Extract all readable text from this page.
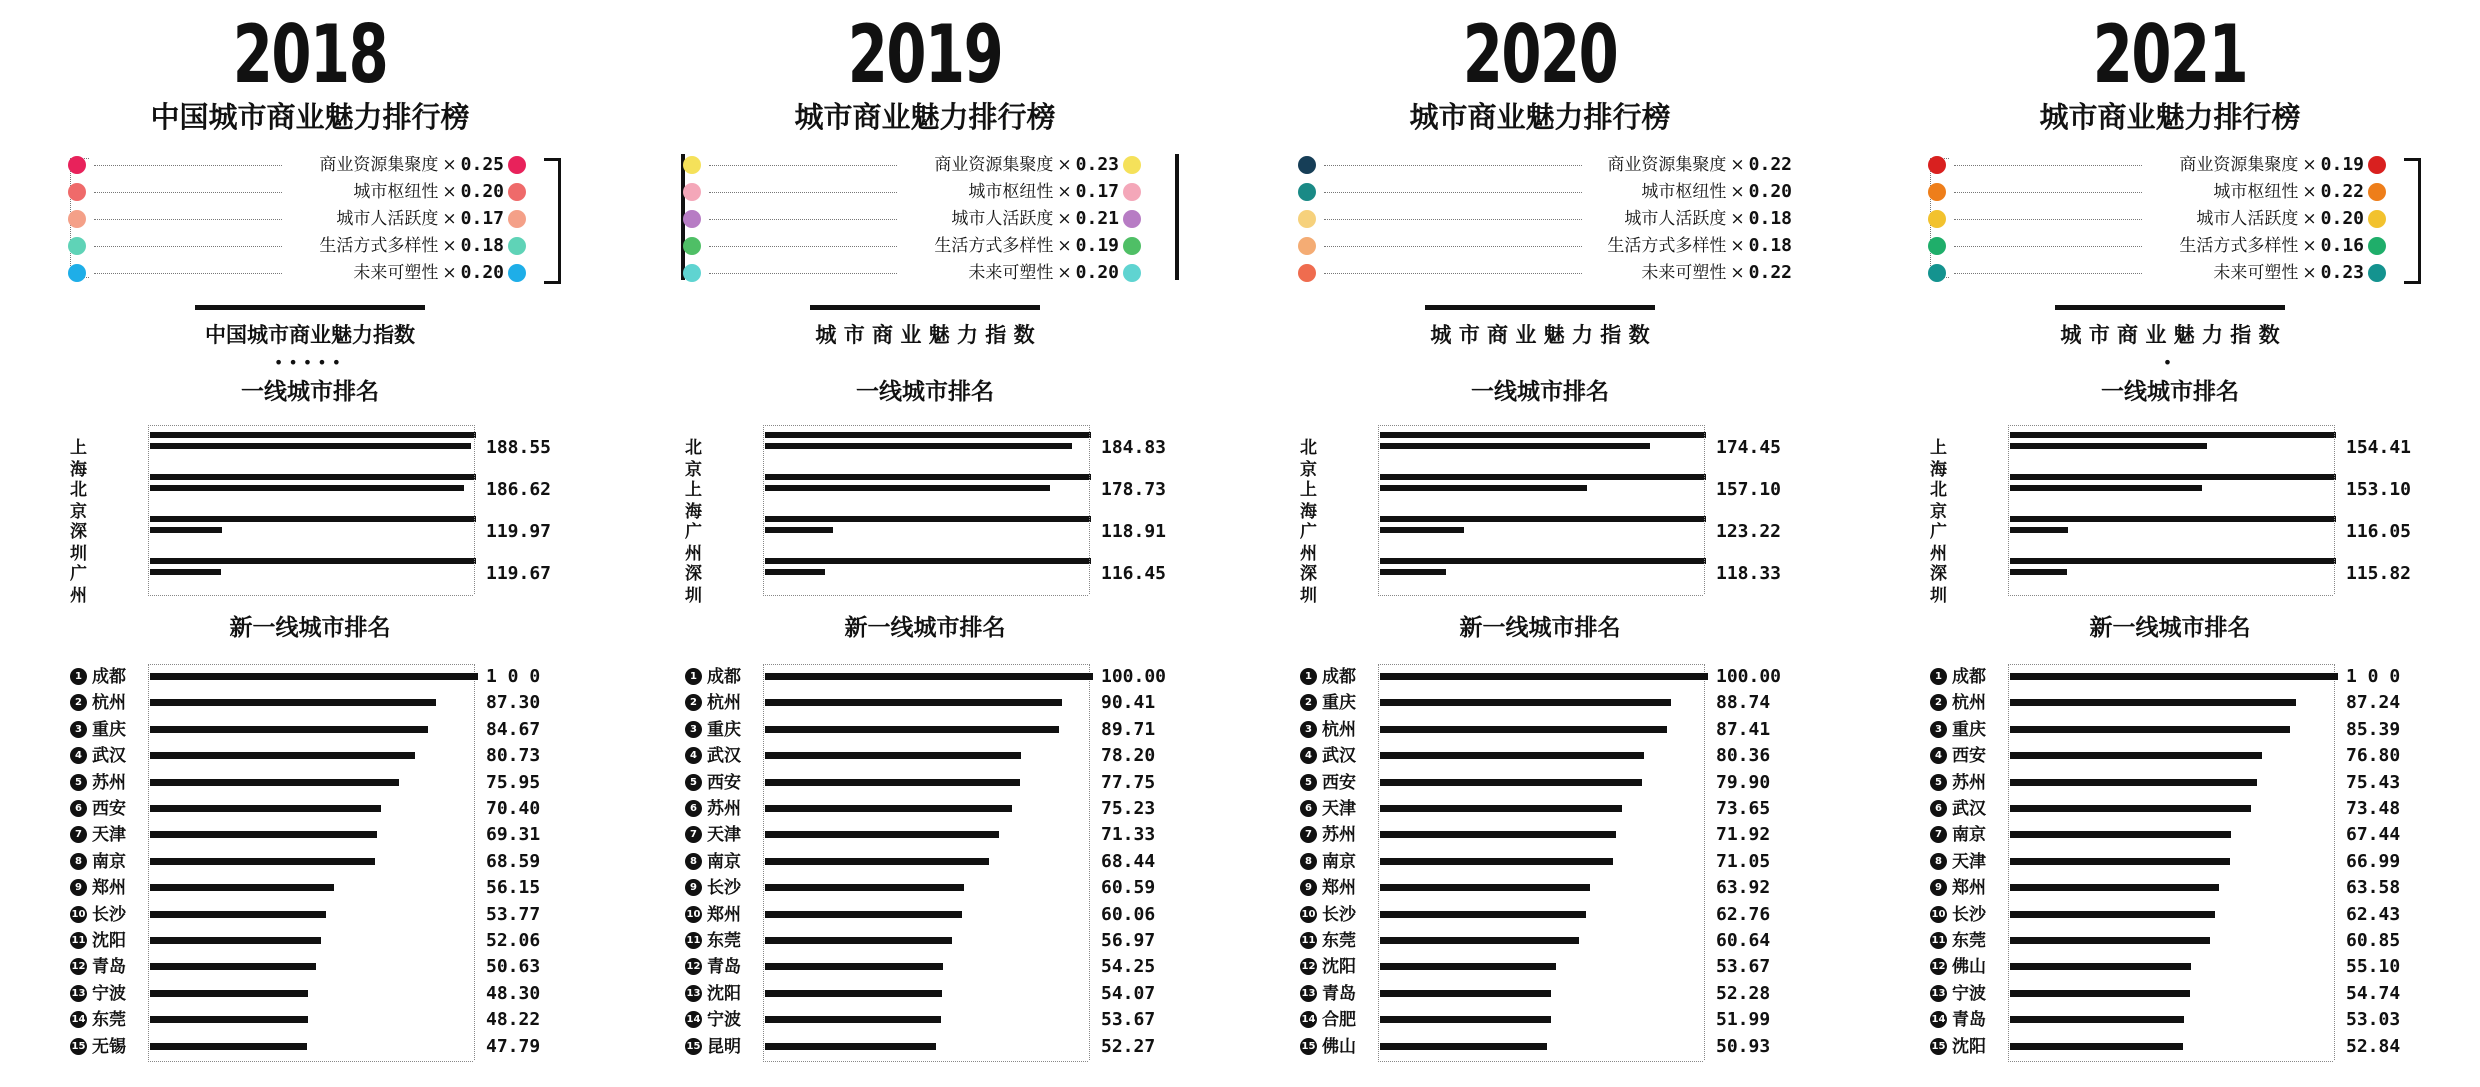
2018
中国城市商业魅力排行榜
商业资源集聚度 × 0.25
城市枢纽性 × 0.20
城市人活跃度 × 0.17
生活方式多样性 × 0.18
未来可塑性 × 0.20
中国城市商业魅力指数
•••••
一线城市排名
上海
188.55
北京
186.62
深圳
119.97
广州
119.67
新一线城市排名
1 成都	1 0 0
2 杭州	87.30
3 重庆	84.67
4 武汉	80.73
5 苏州	75.95
6 西安	70.40
7 天津	69.31
8 南京	68.59
9 郑州	56.15
10 长沙	53.77
11 沈阳	52.06
12 青岛	50.63
13 宁波	48.30
14 东莞	48.22
15 无锡	47.79
2019
城市商业魅力排行榜
商业资源集聚度 × 0.23
城市枢纽性 × 0.17
城市人活跃度 × 0.21
生活方式多样性 × 0.19
未来可塑性 × 0.20
城 市 商 业 魅 力 指 数
一线城市排名
北京
184.83
上海
178.73
广州
118.91
深圳
116.45
新一线城市排名
1 成都	100.00
2 杭州	90.41
3 重庆	89.71
4 武汉	78.20
5 西安	77.75
6 苏州	75.23
7 天津	71.33
8 南京	68.44
9 长沙	60.59
10 郑州	60.06
11 东莞	56.97
12 青岛	54.25
13 沈阳	54.07
14 宁波	53.67
15 昆明	52.27
2020
城市商业魅力排行榜
商业资源集聚度 × 0.22
城市枢纽性 × 0.20
城市人活跃度 × 0.18
生活方式多样性 × 0.18
未来可塑性 × 0.22
城 市 商 业 魅 力 指 数
一线城市排名
北京
174.45
上海
157.10
广州
123.22
深圳
118.33
新一线城市排名
1 成都	100.00
2 重庆	88.74
3 杭州	87.41
4 武汉	80.36
5 西安	79.90
6 天津	73.65
7 苏州	71.92
8 南京	71.05
9 郑州	63.92
10 长沙	62.76
11 东莞	60.64
12 沈阳	53.67
13 青岛	52.28
14 合肥	51.99
15 佛山	50.93
2021
城市商业魅力排行榜
商业资源集聚度 × 0.19
城市枢纽性 × 0.22
城市人活跃度 × 0.20
生活方式多样性 × 0.16
未来可塑性 × 0.23
城 市 商 业 魅 力 指 数
•
一线城市排名
上海
154.41
北京
153.10
广州
116.05
深圳
115.82
新一线城市排名
1 成都	1 0 0
2 杭州	87.24
3 重庆	85.39
4 西安	76.80
5 苏州	75.43
6 武汉	73.48
7 南京	67.44
8 天津	66.99
9 郑州	63.58
10 长沙	62.43
11 东莞	60.85
12 佛山	55.10
13 宁波	54.74
14 青岛	53.03
15 沈阳	52.84
